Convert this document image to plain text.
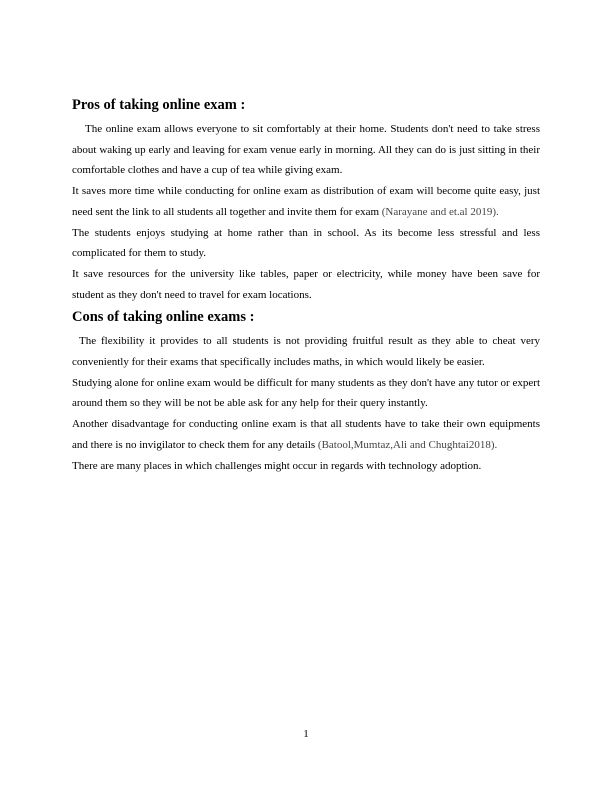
Pros of taking online exam :

The online exam allows everyone to sit comfortably at their home. Students don't need to take stress about waking up early and leaving for exam venue early in morning. All they can do is just sitting in their comfortable clothes and have a cup of tea while giving exam.

It saves more time while conducting for online exam as distribution of exam will become quite easy, just need sent the link to all students all together and invite them for exam (Narayane and et.al 2019).

The students enjoys studying at home rather than in school. As its become less stressful and less complicated for them to study.

It save resources for the university like tables, paper or electricity, while money have been save for student as they don't need to travel for exam locations.

Cons of taking online exams :

The flexibility it provides to all students is not providing fruitful result as they able to cheat very conveniently for their exams that specifically includes maths, in which would likely be easier.

Studying alone for online exam would be difficult for many students as they don't have any tutor or expert around them so they will be not be able ask for any help for their query instantly.

Another disadvantage for conducting online exam is that all students have to take their own equipments and there is no invigilator to check them for any details (Batool,Mumtaz,Ali and Chughtai2018).

There are many places in which challenges might occur in regards with technology adoption.

1
